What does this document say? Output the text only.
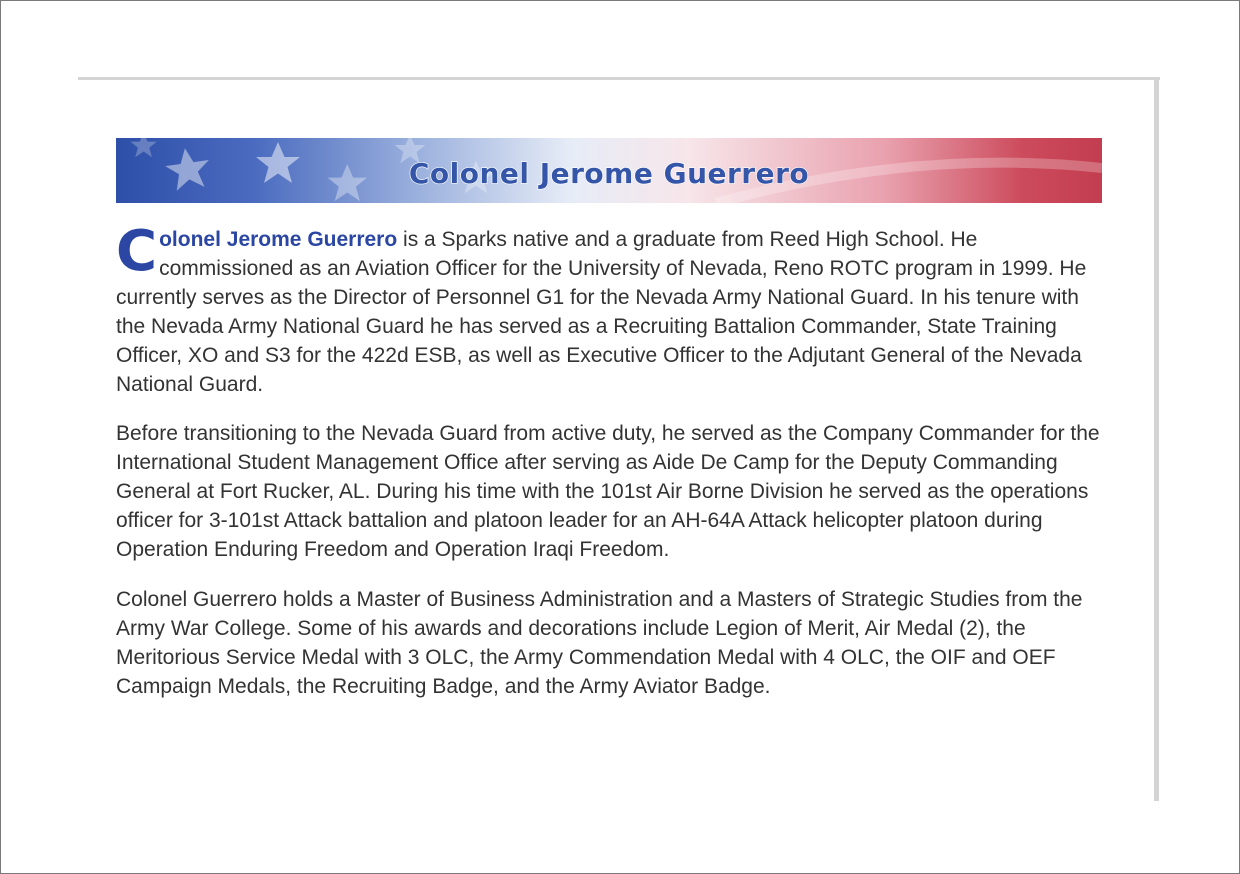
Colonel Jerome Guerrero

Colonel Jerome Guerrero is a Sparks native and a graduate from Reed High School. He commissioned as an Aviation Officer for the University of Nevada, Reno ROTC program in 1999. He currently serves as the Director of Personnel G1 for the Nevada Army National Guard. In his tenure with the Nevada Army National Guard he has served as a Recruiting Battalion Commander, State Training Officer, XO and S3 for the 422d ESB, as well as Executive Officer to the Adjutant General of the Nevada National Guard.

Before transitioning to the Nevada Guard from active duty, he served as the Company Commander for the International Student Management Office after serving as Aide De Camp for the Deputy Commanding General at Fort Rucker, AL. During his time with the 101st Air Borne Division he served as the operations officer for 3-101st Attack battalion and platoon leader for an AH-64A Attack helicopter platoon during Operation Enduring Freedom and Operation Iraqi Freedom.

Colonel Guerrero holds a Master of Business Administration and a Masters of Strategic Studies from the Army War College. Some of his awards and decorations include Legion of Merit, Air Medal (2), the Meritorious Service Medal with 3 OLC, the Army Commendation Medal with 4 OLC, the OIF and OEF Campaign Medals, the Recruiting Badge, and the Army Aviator Badge.
